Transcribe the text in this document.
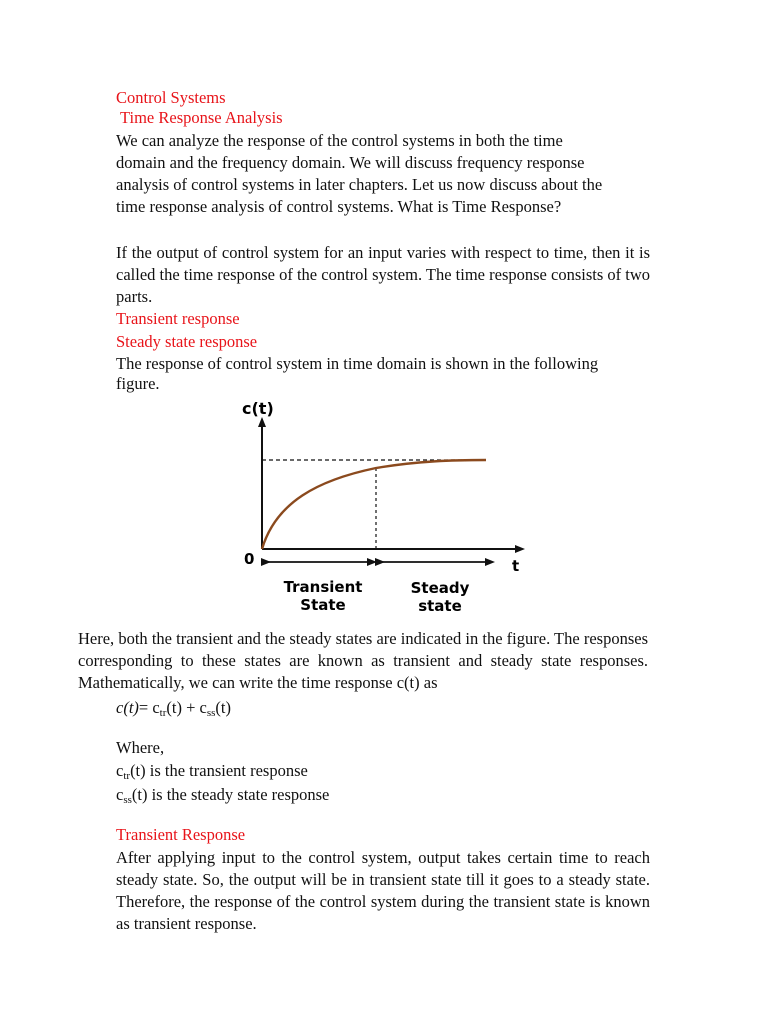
Control Systems
Time Response Analysis
We can analyze the response of the control systems in both the time
domain and the frequency domain. We will discuss frequency response
analysis of control systems in later chapters. Let us now discuss about the
time response analysis of control systems. What is Time Response?
If the output of control system for an input varies with respect to time, then it is called the time response of the control system. The time response consists of two parts.
Transient response
Steady state response
The response of control system in time domain is shown in the following
figure.
c(t)
t
0
Transient
State
Steady
state
Here, both the transient and the steady states are indicated in the figure. The responses corresponding to these states are known as transient and steady state responses. Mathematically, we can write the time response c(t) as
$c(t)= c_{tr}(t) + c_{ss}(t)$
Where,
$c_{tr}(t)$ is the transient response
$c_{ss}(t)$ is the steady state response
Transient Response
After applying input to the control system, output takes certain time to reach steady state. So, the output will be in transient state till it goes to a steady state. Therefore, the response of the control system during the transient state is known as transient response.
